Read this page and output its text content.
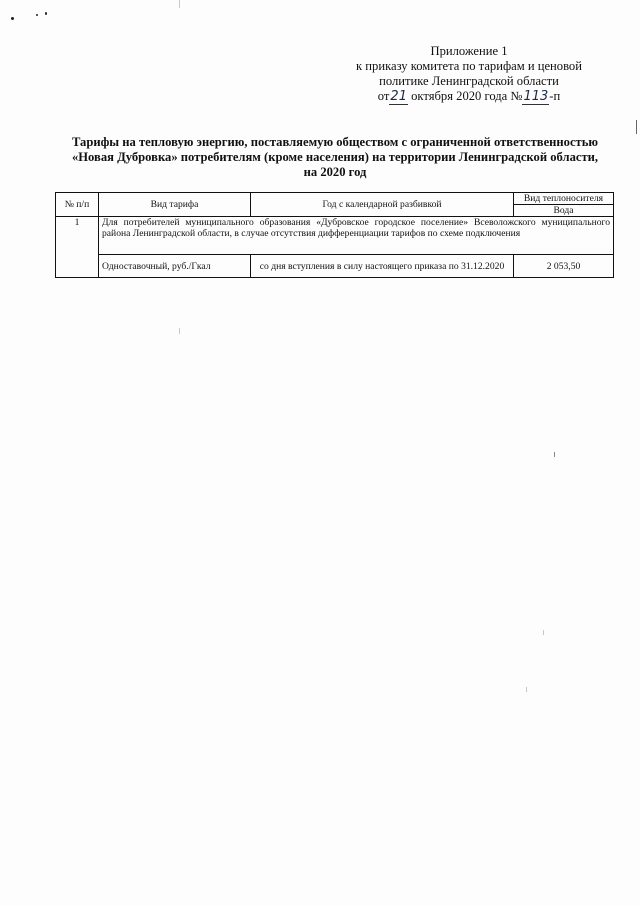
Приложение 1
к приказу комитета по тарифам и ценовой
политике Ленинградской области
от21 октября 2020 года №113-п
Тарифы на тепловую энергию, поставляемую обществом с ограниченной ответственностью
«Новая Дубровка» потребителям (кроме населения) на территории Ленинградской области,
на 2020 год
№ п/п	Вид тарифа	Год с календарной разбивкой	Вид теплоносителя
			Вода
1	Для потребителей муниципального образования «Дубровское городское поселение» Всеволожского муниципального района Ленинградской области, в случае отсутствия дифференциации тарифов по схеме подключения		
	Одноставочный, руб./Гкал	со дня вступления в силу настоящего приказа по 31.12.2020	2 053,50
